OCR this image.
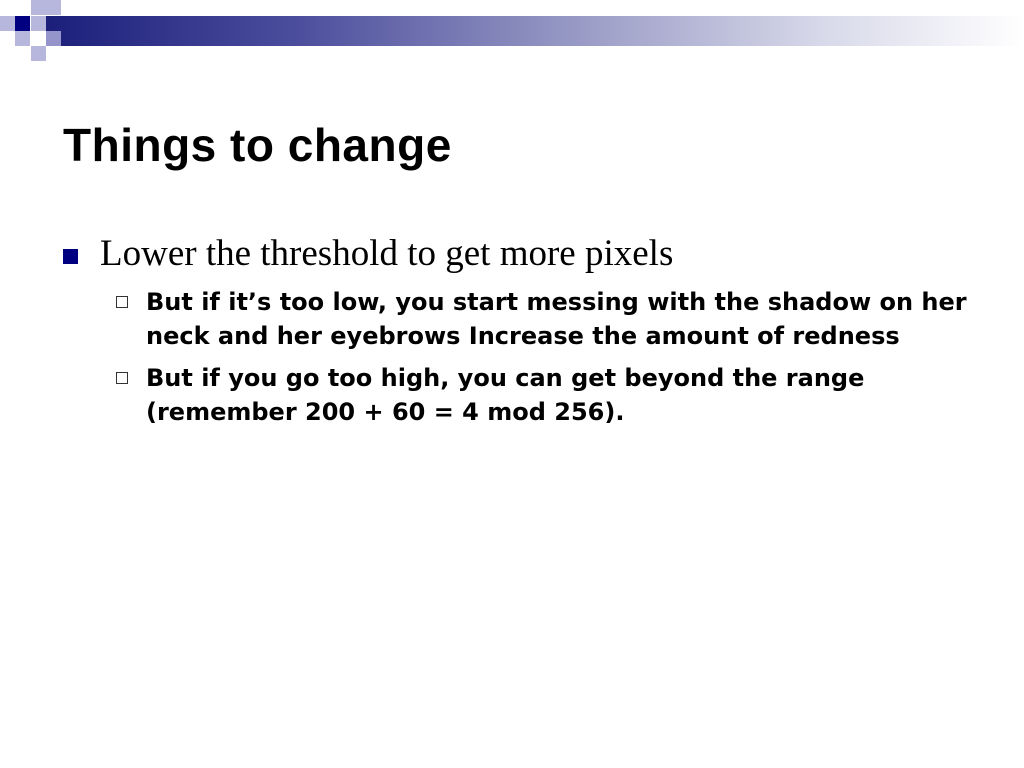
Things to change
Lower the threshold to get more pixels
But if it’s too low, you start messing with the shadow on her neck and her eyebrows Increase the amount of redness
But if you go too high, you can get beyond the range (remember 200 + 60 = 4 mod 256).
